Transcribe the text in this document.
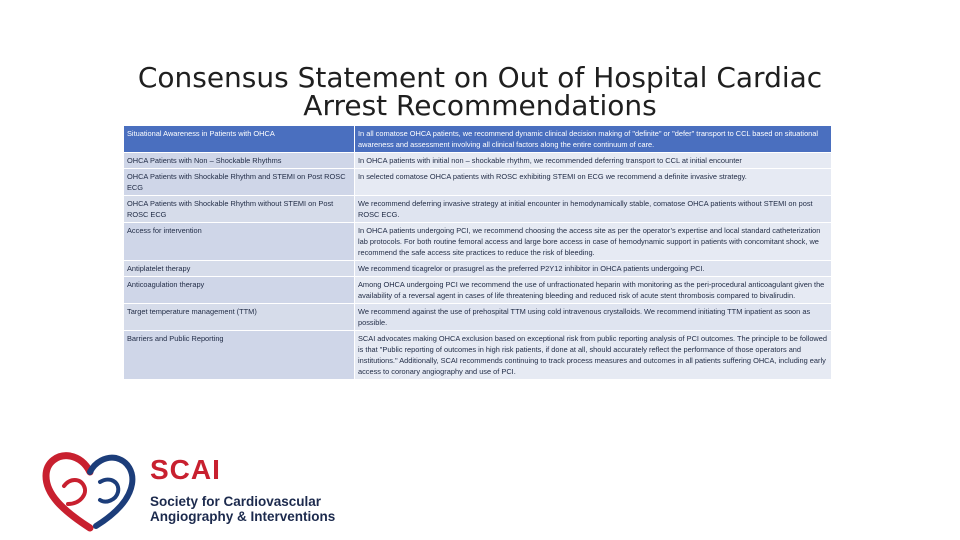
Consensus Statement on Out of Hospital Cardiac
Arrest Recommendations
Situational Awareness in Patients with OHCA	In all comatose OHCA patients, we recommend dynamic clinical decision making of "definite" or "defer" transport to CCL based on situational awareness and assessment involving all clinical factors along the entire continuum of care.
OHCA Patients with Non – Shockable Rhythms	In OHCA patients with initial non – shockable rhythm, we recommended deferring transport to CCL at initial encounter
OHCA Patients with Shockable Rhythm and STEMI on Post ROSC ECG	In selected comatose OHCA patients with ROSC exhibiting STEMI on ECG we recommend a definite invasive strategy.
OHCA Patients with Shockable Rhythm without STEMI on Post ROSC ECG	We recommend deferring invasive strategy at initial encounter in hemodynamically stable, comatose OHCA patients without STEMI on post ROSC ECG.
Access for intervention	In OHCA patients undergoing PCI, we recommend choosing the access site as per the operator’s expertise and local standard catheterization lab protocols. For both routine femoral access and large bore access in case of hemodynamic support in patients with concomitant shock, we recommend the safe access site practices to reduce the risk of bleeding.
Antiplatelet therapy	We recommend ticagrelor or prasugrel as the preferred P2Y12 inhibitor in OHCA patients undergoing PCI.
Anticoagulation therapy	Among OHCA undergoing PCI we recommend the use of unfractionated heparin with monitoring as the peri-procedural anticoagulant given the availability of a reversal agent in cases of life threatening bleeding and reduced risk of acute stent thrombosis compared to bivalirudin.
Target temperature management (TTM)	We recommend against the use of prehospital TTM using cold intravenous crystalloids. We recommend initiating TTM inpatient as soon as possible.
Barriers and Public Reporting	SCAI advocates making OHCA exclusion based on exceptional risk from public reporting analysis of PCI outcomes. The principle to be followed is that "Public reporting of outcomes in high risk patients, if done at all, should accurately reflect the performance of those operators and institutions." Additionally, SCAI recommends continuing to track process measures and outcomes in all patients suffering OHCA, including early access to coronary angiography and use of PCI.
SCAI
Society for Cardiovascular
Angiography & Interventions
